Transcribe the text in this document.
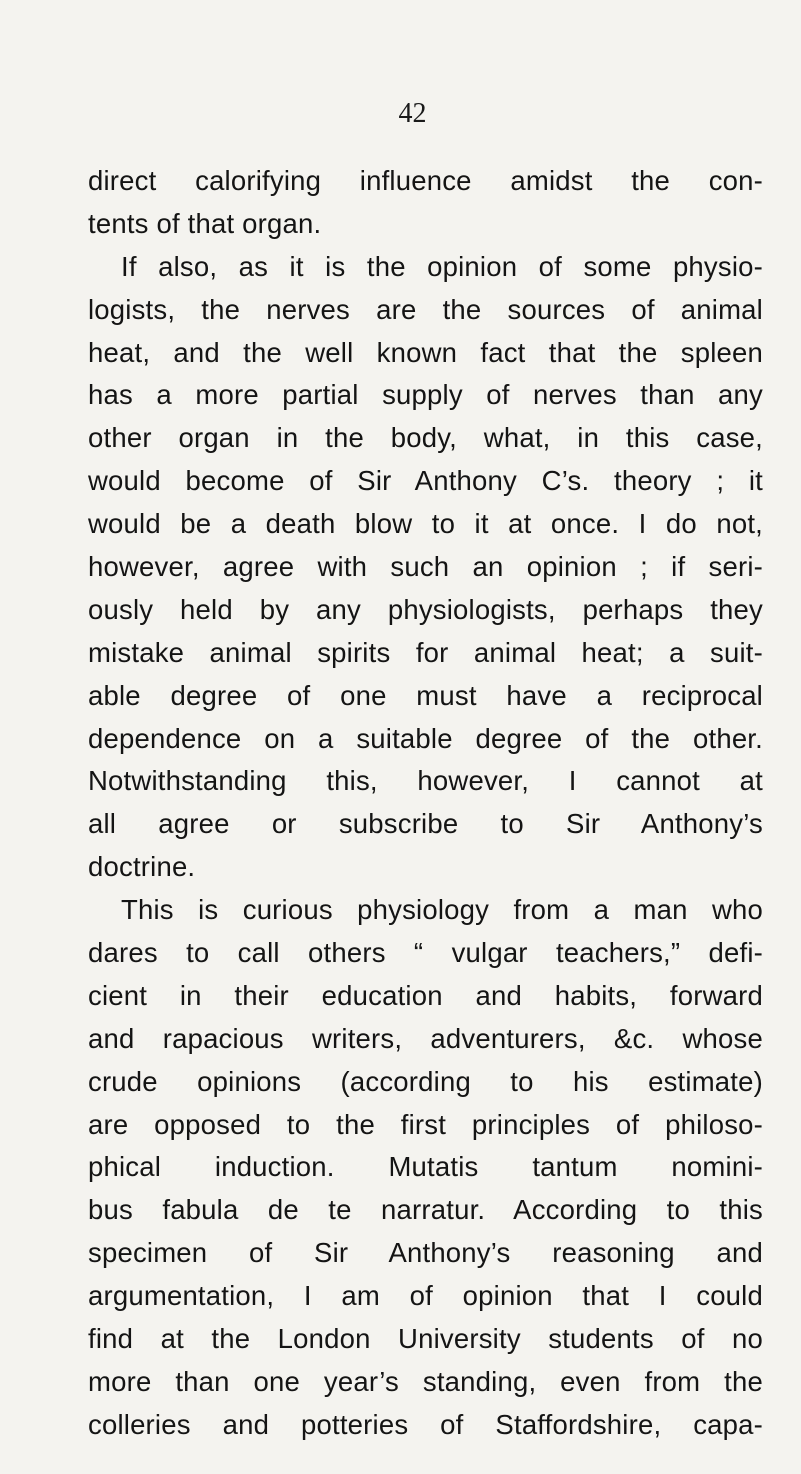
42
direct calorifying influence amidst the con-
tents of that organ.
If also, as it is the opinion of some physio-
logists, the nerves are the sources of animal
heat, and the well known fact that the spleen
has a more partial supply of nerves than any
other organ in the body, what, in this case,
would become of Sir Anthony C’s. theory ; it
would be a death blow to it at once. I do not,
however, agree with such an opinion ; if seri-
ously held by any physiologists, perhaps they
mistake animal spirits for animal heat; a suit-
able degree of one must have a reciprocal
dependence on a suitable degree of the other.
Notwithstanding this, however, I cannot at
all agree or subscribe to Sir Anthony’s
doctrine.
This is curious physiology from a man who
dares to call others “ vulgar teachers,” defi-
cient in their education and habits, forward
and rapacious writers, adventurers, &c. whose
crude opinions (according to his estimate)
are opposed to the first principles of philoso-
phical induction. Mutatis tantum nomini-
bus fabula de te narratur. According to this
specimen of Sir Anthony’s reasoning and
argumentation, I am of opinion that I could
find at the London University students of no
more than one year’s standing, even from the
colleries and potteries of Staffordshire, capa-
